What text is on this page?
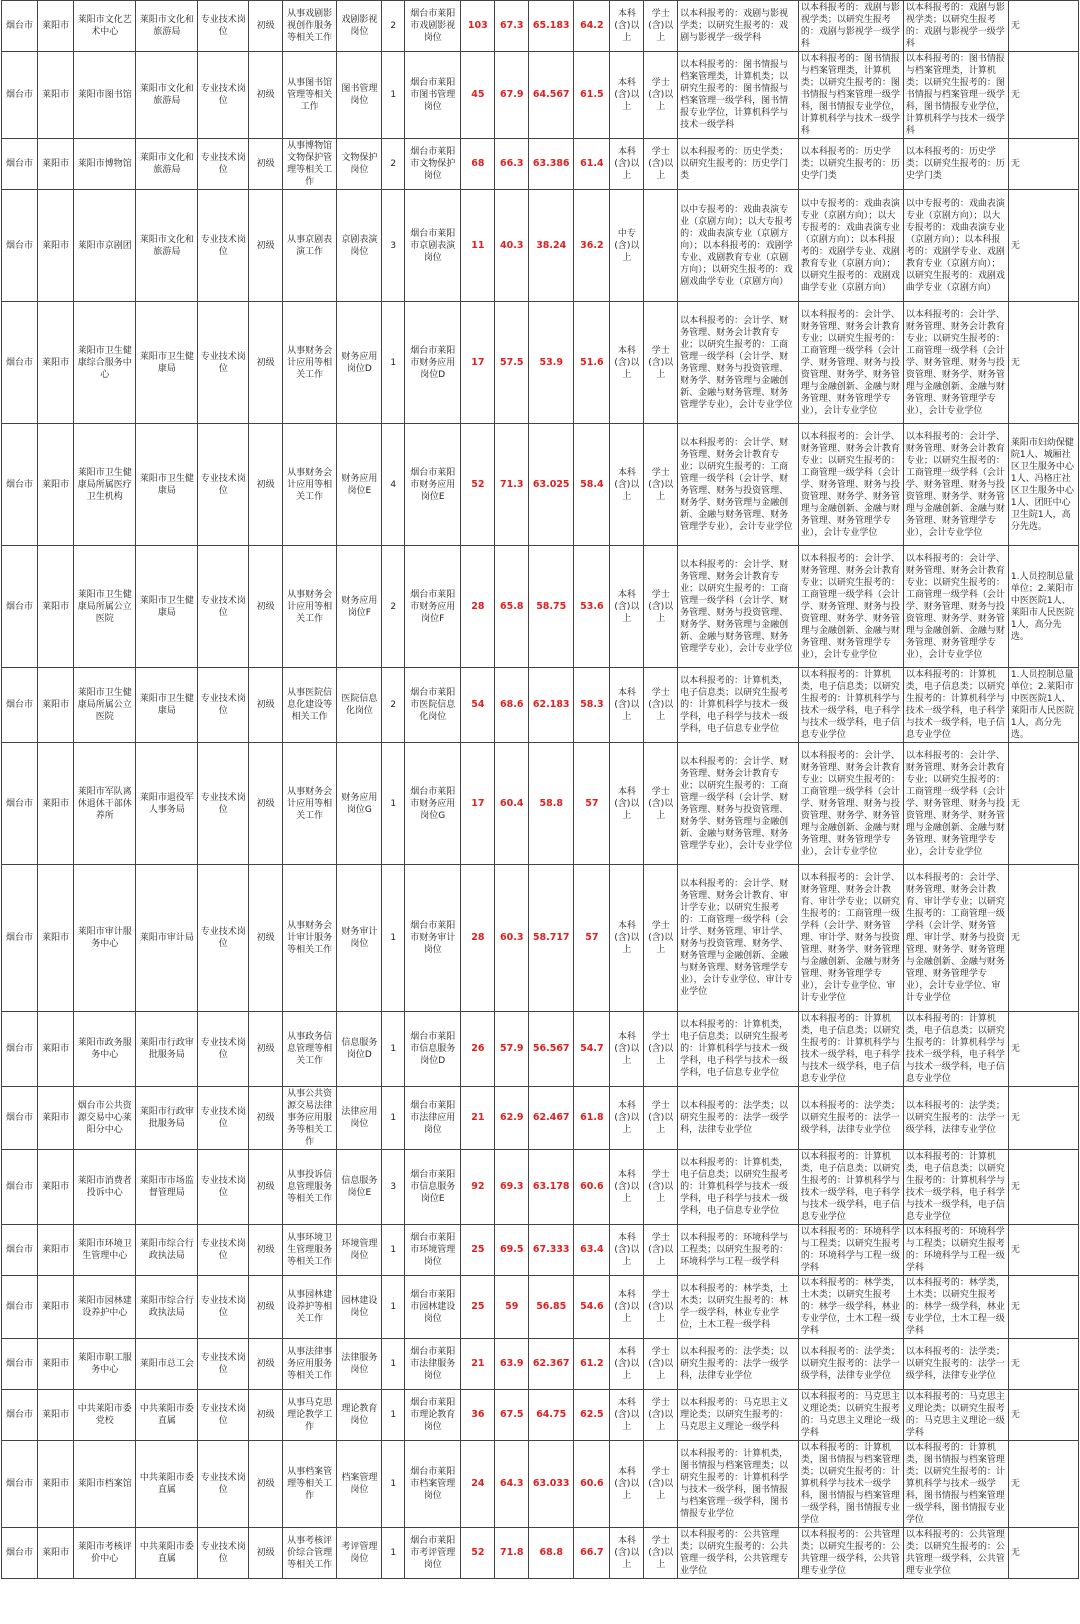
烟台市	莱阳市	莱阳市文化艺术中心	莱阳市文化和旅游局	专业技术岗位	初级	从事戏剧影视创作服务等相关工作	戏剧影视岗位	2	烟台市莱阳市戏剧影视岗位	103	67.3	65.183	64.2	本科(含)以上	学士(含)以上	以本科报考的：戏剧与影视学类；以研究生报考的：戏剧与影视学一级学科	以本科报考的：戏剧与影视学类；以研究生报考的：戏剧与影视学一级学科	以本科报考的：戏剧与影视学类；以研究生报考的：戏剧与影视学一级学科	无
烟台市	莱阳市	莱阳市图书馆	莱阳市文化和旅游局	专业技术岗位	初级	从事图书馆管理等相关工作	图书管理岗位	1	烟台市莱阳市图书管理岗位	45	67.9	64.567	61.5	本科(含)以上	学士(含)以上	以本科报考的：图书情报与档案管理类，计算机类；以研究生报考的：图书情报与档案管理一级学科，图书情报专业学位，计算机科学与技术一级学科	以本科报考的：图书情报与档案管理类，计算机类；以研究生报考的：图书情报与档案管理一级学科，图书情报专业学位，计算机科学与技术一级学科	以本科报考的：图书情报与档案管理类，计算机类；以研究生报考的：图书情报与档案管理一级学科，图书情报专业学位，计算机科学与技术一级学科	无
烟台市	莱阳市	莱阳市博物馆	莱阳市文化和旅游局	专业技术岗位	初级	从事博物馆文物保护管理等相关工作	文物保护岗位	2	烟台市莱阳市文物保护岗位	68	66.3	63.386	61.4	本科(含)以上	学士(含)以上	以本科报考的：历史学类；以研究生报考的：历史学门类	以本科报考的：历史学类；以研究生报考的：历史学门类	以本科报考的：历史学类；以研究生报考的：历史学门类	无
烟台市	莱阳市	莱阳市京剧团	莱阳市文化和旅游局	专业技术岗位	初级	从事京剧表演工作	京剧表演岗位	3	烟台市莱阳市京剧表演岗位	11	40.3	38.24	36.2	中专(含)以上		以中专报考的：戏曲表演专业（京剧方向）；以大专报考的：戏曲表演专业（京剧方向）；以本科报考的：戏剧学专业、戏剧教育专业（京剧方向）；以研究生报考的：戏剧戏曲学专业（京剧方向）	以中专报考的：戏曲表演专业（京剧方向）；以大专报考的：戏曲表演专业（京剧方向）；以本科报考的：戏剧学专业、戏剧教育专业（京剧方向）；以研究生报考的：戏剧戏曲学专业（京剧方向）	以中专报考的：戏曲表演专业（京剧方向）；以大专报考的：戏曲表演专业（京剧方向）；以本科报考的：戏剧学专业、戏剧教育专业（京剧方向）；以研究生报考的：戏剧戏曲学专业（京剧方向）	无
烟台市	莱阳市	莱阳市卫生健康综合服务中心	莱阳市卫生健康局	专业技术岗位	初级	从事财务会计应用等相关工作	财务应用岗位D	1	烟台市莱阳市财务应用岗位D	17	57.5	53.9	51.6	本科(含)以上	学士(含)以上	以本科报考的：会计学、财务管理、财务会计教育专业；以研究生报考的：工商管理一级学科（会计学、财务管理、财务与投资管理、财务学、财务管理与金融创新、金融与财务管理、财务管理学专业），会计专业学位	以本科报考的：会计学、财务管理、财务会计教育专业；以研究生报考的：工商管理一级学科（会计学、财务管理、财务与投资管理、财务学、财务管理与金融创新、金融与财务管理、财务管理学专业），会计专业学位	以本科报考的：会计学、财务管理、财务会计教育专业；以研究生报考的：工商管理一级学科（会计学、财务管理、财务与投资管理、财务学、财务管理与金融创新、金融与财务管理、财务管理学专业），会计专业学位	无
烟台市	莱阳市	莱阳市卫生健康局所属医疗卫生机构	莱阳市卫生健康局	专业技术岗位	初级	从事财务会计应用等相关工作	财务应用岗位E	4	烟台市莱阳市财务应用岗位E	52	71.3	63.025	58.4	本科(含)以上	学士(含)以上	以本科报考的：会计学、财务管理、财务会计教育专业；以研究生报考的：工商管理一级学科（会计学、财务管理、财务与投资管理、财务学、财务管理与金融创新、金融与财务管理、财务管理学专业），会计专业学位	以本科报考的：会计学、财务管理、财务会计教育专业；以研究生报考的：工商管理一级学科（会计学、财务管理、财务与投资管理、财务学、财务管理与金融创新、金融与财务管理、财务管理学专业），会计专业学位	以本科报考的：会计学、财务管理、财务会计教育专业；以研究生报考的：工商管理一级学科（会计学、财务管理、财务与投资管理、财务学、财务管理与金融创新、金融与财务管理、财务管理学专业），会计专业学位	莱阳市妇幼保健院1人、城厢社区卫生服务中心1人、冯格庄社区卫生服务中心1人、团旺中心卫生院1人，高分先选。
烟台市	莱阳市	莱阳市卫生健康局所属公立医院	莱阳市卫生健康局	专业技术岗位	初级	从事财务会计应用等相关工作	财务应用岗位F	2	烟台市莱阳市财务应用岗位F	28	65.8	58.75	53.6	本科(含)以上	学士(含)以上	以本科报考的：会计学、财务管理、财务会计教育专业；以研究生报考的：工商管理一级学科（会计学、财务管理、财务与投资管理、财务学、财务管理与金融创新、金融与财务管理、财务管理学专业），会计专业学位	以本科报考的：会计学、财务管理、财务会计教育专业；以研究生报考的：工商管理一级学科（会计学、财务管理、财务与投资管理、财务学、财务管理与金融创新、金融与财务管理、财务管理学专业），会计专业学位	以本科报考的：会计学、财务管理、财务会计教育专业；以研究生报考的：工商管理一级学科（会计学、财务管理、财务与投资管理、财务学、财务管理与金融创新、金融与财务管理、财务管理学专业），会计专业学位	1.人员控制总量单位；2.莱阳市中医医院1人、莱阳市人民医院1人，高分先选。
烟台市	莱阳市	莱阳市卫生健康局所属公立医院	莱阳市卫生健康局	专业技术岗位	初级	从事医院信息化建设等相关工作	医院信息化岗位	2	烟台市莱阳市医院信息化岗位	54	68.6	62.183	58.3	本科(含)以上	学士(含)以上	以本科报考的：计算机类，电子信息类；以研究生报考的：计算机科学与技术一级学科，电子科学与技术一级学科，电子信息专业学位	以本科报考的：计算机类，电子信息类；以研究生报考的：计算机科学与技术一级学科，电子科学与技术一级学科，电子信息专业学位	以本科报考的：计算机类，电子信息类；以研究生报考的：计算机科学与技术一级学科，电子科学与技术一级学科，电子信息专业学位	1.人员控制总量单位；2.莱阳市中医医院1人、莱阳市人民医院1人，高分先选。
烟台市	莱阳市	莱阳市军队离休退休干部休养所	莱阳市退役军人事务局	专业技术岗位	初级	从事财务会计应用等相关工作	财务应用岗位G	1	烟台市莱阳市财务应用岗位G	17	60.4	58.8	57	本科(含)以上	学士(含)以上	以本科报考的：会计学、财务管理、财务会计教育专业；以研究生报考的：工商管理一级学科（会计学、财务管理、财务与投资管理、财务学、财务管理与金融创新、金融与财务管理、财务管理学专业），会计专业学位	以本科报考的：会计学、财务管理、财务会计教育专业；以研究生报考的：工商管理一级学科（会计学、财务管理、财务与投资管理、财务学、财务管理与金融创新、金融与财务管理、财务管理学专业），会计专业学位	以本科报考的：会计学、财务管理、财务会计教育专业；以研究生报考的：工商管理一级学科（会计学、财务管理、财务与投资管理、财务学、财务管理与金融创新、金融与财务管理、财务管理学专业），会计专业学位	无
烟台市	莱阳市	莱阳市审计服务中心	莱阳市审计局	专业技术岗位	初级	从事财务会计审计服务等相关工作	财务审计岗位	1	烟台市莱阳市财务审计岗位	28	60.3	58.717	57	本科(含)以上	学士(含)以上	以本科报考的：会计学、财务管理、财务会计教育、审计学专业；以研究生报考的：工商管理一级学科（会计学、财务管理、审计学、财务与投资管理、财务学、财务管理与金融创新、金融与财务管理、财务管理学专业），会计专业学位、审计专业学位	以本科报考的：会计学、财务管理、财务会计教育、审计学专业；以研究生报考的：工商管理一级学科（会计学、财务管理、审计学、财务与投资管理、财务学、财务管理与金融创新、金融与财务管理、财务管理学专业），会计专业学位、审计专业学位	以本科报考的：会计学、财务管理、财务会计教育、审计学专业；以研究生报考的：工商管理一级学科（会计学、财务管理、审计学、财务与投资管理、财务学、财务管理与金融创新、金融与财务管理、财务管理学专业），会计专业学位、审计专业学位	无
烟台市	莱阳市	莱阳市政务服务中心	莱阳市行政审批服务局	专业技术岗位	初级	从事政务信息管理等相关工作	信息服务岗位D	1	烟台市莱阳市信息服务岗位D	26	57.9	56.567	54.7	本科(含)以上	学士(含)以上	以本科报考的：计算机类，电子信息类；以研究生报考的：计算机科学与技术一级学科，电子科学与技术一级学科，电子信息专业学位	以本科报考的：计算机类，电子信息类；以研究生报考的：计算机科学与技术一级学科，电子科学与技术一级学科，电子信息专业学位	以本科报考的：计算机类，电子信息类；以研究生报考的：计算机科学与技术一级学科，电子科学与技术一级学科，电子信息专业学位	无
烟台市	莱阳市	烟台市公共资源交易中心莱阳分中心	莱阳市行政审批服务局	专业技术岗位	初级	从事公共资源交易法律事务应用服务等相关工作	法律应用岗位	1	烟台市莱阳市法律应用岗位	21	62.9	62.467	61.8	本科(含)以上	学士(含)以上	以本科报考的：法学类；以研究生报考的：法学一级学科，法律专业学位	以本科报考的：法学类；以研究生报考的：法学一级学科，法律专业学位	以本科报考的：法学类；以研究生报考的：法学一级学科，法律专业学位	无
烟台市	莱阳市	莱阳市消费者投诉中心	莱阳市市场监督管理局	专业技术岗位	初级	从事投诉信息管理服务等相关工作	信息服务岗位E	3	烟台市莱阳市信息服务岗位E	92	69.3	63.178	60.6	本科(含)以上	学士(含)以上	以本科报考的：计算机类，电子信息类；以研究生报考的：计算机科学与技术一级学科，电子科学与技术一级学科，电子信息专业学位	以本科报考的：计算机类，电子信息类；以研究生报考的：计算机科学与技术一级学科，电子科学与技术一级学科，电子信息专业学位	以本科报考的：计算机类，电子信息类；以研究生报考的：计算机科学与技术一级学科，电子科学与技术一级学科，电子信息专业学位	无
烟台市	莱阳市	莱阳市环境卫生管理中心	莱阳市综合行政执法局	专业技术岗位	初级	从事环境卫生管理服务等相关工作	环境管理岗位	1	烟台市莱阳市环境管理岗位	25	69.5	67.333	63.4	本科(含)以上	学士(含)以上	以本科报考的：环境科学与工程类；以研究生报考的：环境科学与工程一级学科	以本科报考的：环境科学与工程类；以研究生报考的：环境科学与工程一级学科	以本科报考的：环境科学与工程类；以研究生报考的：环境科学与工程一级学科	无
烟台市	莱阳市	莱阳市园林建设养护中心	莱阳市综合行政执法局	专业技术岗位	初级	从事园林建设养护等相关工作	园林建设岗位	1	烟台市莱阳市园林建设岗位	25	59	56.85	54.6	本科(含)以上	学士(含)以上	以本科报考的：林学类，土木类；以研究生报考的：林学一级学科，林业专业学位，土木工程一级学科	以本科报考的：林学类，土木类；以研究生报考的：林学一级学科，林业专业学位，土木工程一级学科	以本科报考的：林学类，土木类；以研究生报考的：林学一级学科，林业专业学位，土木工程一级学科	无
烟台市	莱阳市	莱阳市职工服务中心	莱阳市总工会	专业技术岗位	初级	从事法律事务应用服务等相关工作	法律服务岗位	1	烟台市莱阳市法律服务岗位	21	63.9	62.367	61.2	本科(含)以上	学士(含)以上	以本科报考的：法学类；以研究生报考的：法学一级学科，法律专业学位	以本科报考的：法学类；以研究生报考的：法学一级学科，法律专业学位	以本科报考的：法学类；以研究生报考的：法学一级学科，法律专业学位	无
烟台市	莱阳市	中共莱阳市委党校	中共莱阳市委直属	专业技术岗位	初级	从事马克思理论教学工作	理论教育岗位	1	烟台市莱阳市理论教育岗位	36	67.5	64.75	62.5	本科(含)以上	学士(含)以上	以本科报考的：马克思主义理论类；以研究生报考的：马克思主义理论一级学科	以本科报考的：马克思主义理论类；以研究生报考的：马克思主义理论一级学科	以本科报考的：马克思主义理论类；以研究生报考的：马克思主义理论一级学科	无
烟台市	莱阳市	莱阳市档案馆	中共莱阳市委直属	专业技术岗位	初级	从事档案管理等相关工作	档案管理岗位	1	烟台市莱阳市档案管理岗位	24	64.3	63.033	60.6	本科(含)以上	学士(含)以上	以本科报考的：计算机类，图书情报与档案管理类；以研究生报考的：计算机科学与技术一级学科，图书情报与档案管理一级学科，图书情报专业学位	以本科报考的：计算机类，图书情报与档案管理类；以研究生报考的：计算机科学与技术一级学科，图书情报与档案管理一级学科，图书情报专业学位	以本科报考的：计算机类，图书情报与档案管理类；以研究生报考的：计算机科学与技术一级学科，图书情报与档案管理一级学科，图书情报专业学位	无
烟台市	莱阳市	莱阳市考核评价中心	中共莱阳市委直属	专业技术岗位	初级	从事考核评价综合管理等相关工作	考评管理岗位	1	烟台市莱阳市考评管理岗位	52	71.8	68.8	66.7	本科(含)以上	学士(含)以上	以本科报考的：公共管理类；以研究生报考的：公共管理一级学科，公共管理专业学位	以本科报考的：公共管理类；以研究生报考的：公共管理一级学科，公共管理专业学位	以本科报考的：公共管理类；以研究生报考的：公共管理一级学科，公共管理专业学位	无
